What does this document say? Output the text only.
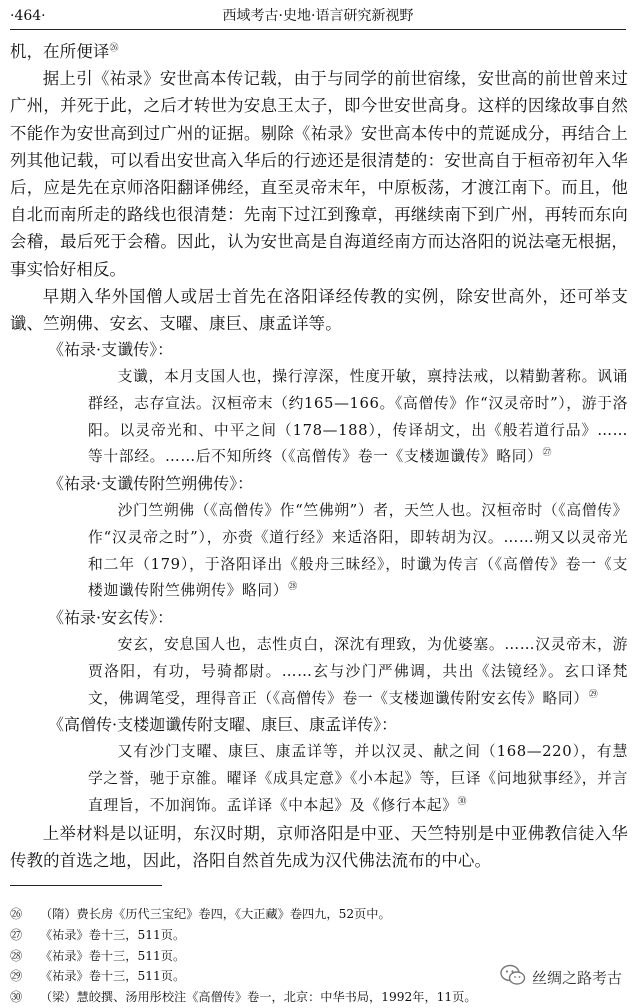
·464·	西域考古·史地·语言研究新视野

机，在所便译$^㉖$

据上引《祐录》安世高本传记载，由于与同学的前世宿缘，安世高的前世曾来过广州，并死于此，之后才转世为安息王太子，即今世安世高身。这样的因缘故事自然不能作为安世高到过广州的证据。剔除《祐录》安世高本传中的荒诞成分，再结合上列其他记载，可以看出安世高入华后的行迹还是很清楚的：安世高自于桓帝初年入华后，应是先在京师洛阳翻译佛经，直至灵帝末年，中原板荡，才渡江南下。而且，他自北而南所走的路线也很清楚：先南下过江到豫章，再继续南下到广州，再转而东向会稽，最后死于会稽。因此，认为安世高是自海道经南方而达洛阳的说法毫无根据，事实恰好相反。

早期入华外国僧人或居士首先在洛阳译经传教的实例，除安世高外，还可举支谶、竺朔佛、安玄、支曜、康巨、康孟详等。

《祐录·支谶传》：

支谶，本月支国人也，操行淳深，性度开敏，禀持法戒，以精勤著称。讽诵群经，志存宣法。汉桓帝末（约165—166。《高僧传》作“汉灵帝时”），游于洛阳。以灵帝光和、中平之间（178—188），传译胡文，出《般若道行品》……等十部经。……后不知所终（《高僧传》卷一《支楼迦谶传》略同）$^㉗$

《祐录·支谶传附竺朔佛传》：

沙门竺朔佛（《高僧传》作“竺佛朔”）者，天竺人也。汉桓帝时（《高僧传》作“汉灵帝之时”），亦赍《道行经》来适洛阳，即转胡为汉。……朔又以灵帝光和二年（179），于洛阳译出《般舟三昧经》，时谶为传言（《高僧传》卷一《支楼迦谶传附竺佛朔传》略同）$^㉘$

《祐录·安玄传》：

安玄，安息国人也，志性贞白，深沈有理致，为优婆塞。……汉灵帝末，游贾洛阳，有功，号骑都尉。……玄与沙门严佛调，共出《法镜经》。玄口译梵文，佛调笔受，理得音正（《高僧传》卷一《支楼迦谶传附安玄传》略同）$^㉙$

《高僧传·支楼迦谶传附支曜、康巨、康孟详传》：

又有沙门支曜、康巨、康孟详等，并以汉灵、献之间（168—220），有慧学之誉，驰于京雒。曜译《成具定意》《小本起》等，巨译《问地狱事经》，并言直理旨，不加润饰。孟详译《中本起》及《修行本起》$^㉚$

上举材料是以证明，东汉时期，京师洛阳是中亚、天竺特别是中亚佛教信徒入华传教的首选之地，因此，洛阳自然首先成为汉代佛法流布的中心。

㉖ （隋）费长房《历代三宝纪》卷四，《大正藏》卷四九，52页中。
㉗ 《祐录》卷十三，511页。
㉘ 《祐录》卷十三，511页。
㉙ 《祐录》卷十三，511页。
㉚ （梁）慧皎撰、汤用彤校注《高僧传》卷一，北京：中华书局，1992年，11页。
丝绸之路考古
